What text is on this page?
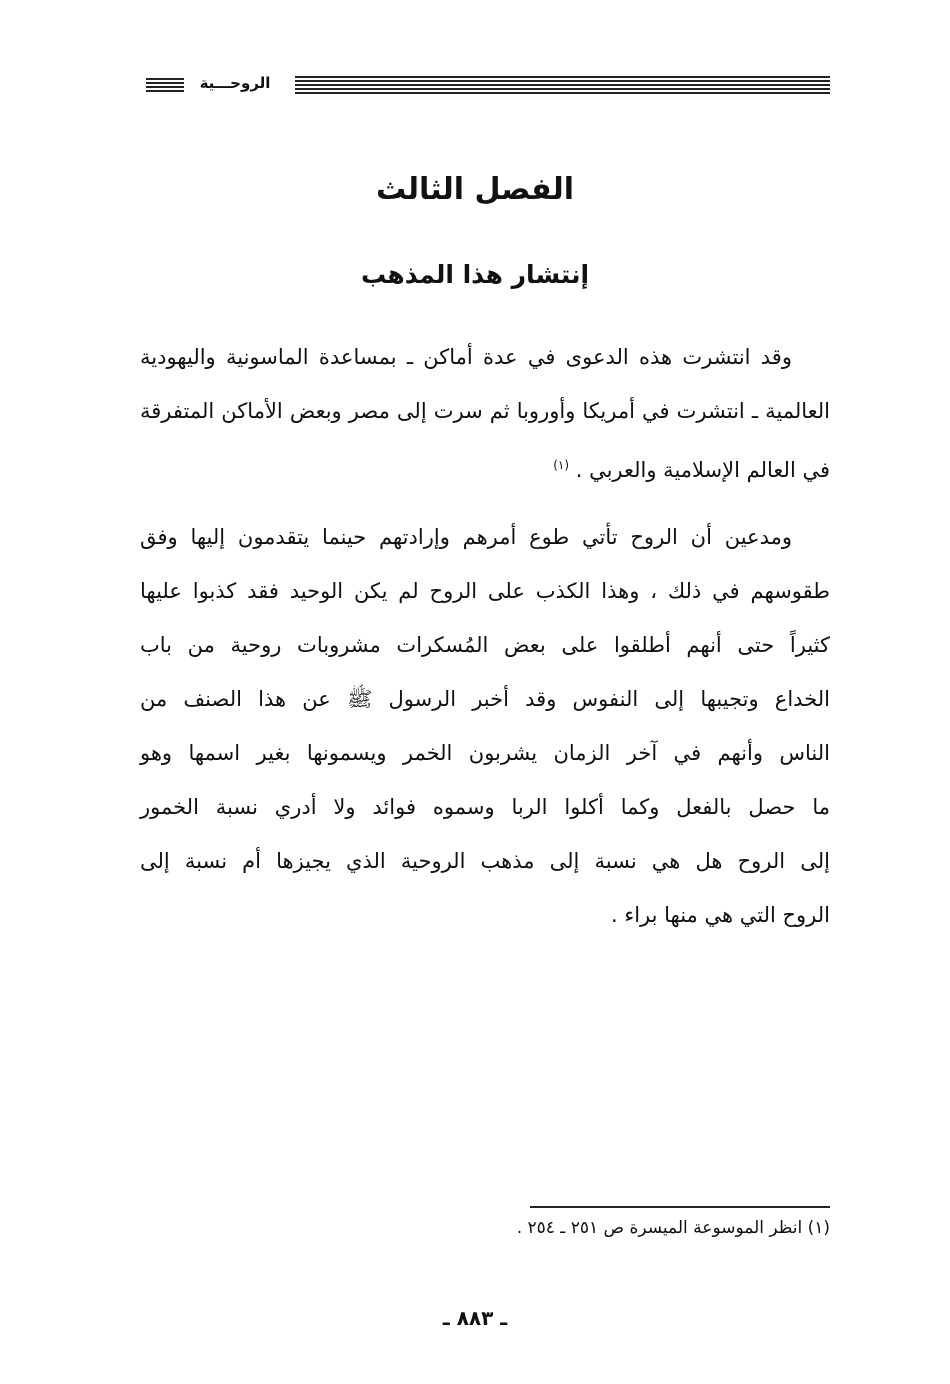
الروحـــية
الفصل الثالث
إنتشار هذا المذهب
وقد انتشرت هذه الدعوى في عدة أماكن ـ بمساعدة الماسونية واليهودية
العالمية ـ انتشرت في أمريكا وأوروبا ثم سرت إلى مصر وبعض الأماكن المتفرقة
في العالم الإسلامية والعربي . $^{(١)}$
ومدعين أن الروح تأتي طوع أمرهم وإرادتهم حينما يتقدمون إليها وفق
طقوسهم في ذلك ، وهذا الكذب على الروح لم يكن الوحيد فقد كذبوا عليها
كثيراً حتى أنهم أطلقوا على بعض المُسكرات مشروبات روحية من باب
الخداع وتجيبها إلى النفوس وقد أخبر الرسول ﷺ عن هذا الصنف من
الناس وأنهم في آخر الزمان يشربون الخمر ويسمونها بغير اسمها وهو
ما حصل بالفعل وكما أكلوا الربا وسموه فوائد ولا أدري نسبة الخمور
إلى الروح هل هي نسبة إلى مذهب الروحية الذي يجيزها أم نسبة إلى
الروح التي هي منها براء .
(١) انظر الموسوعة الميسرة ص ٢٥١ ـ ٢٥٤ .
ـ ٨٨٣ ـ
